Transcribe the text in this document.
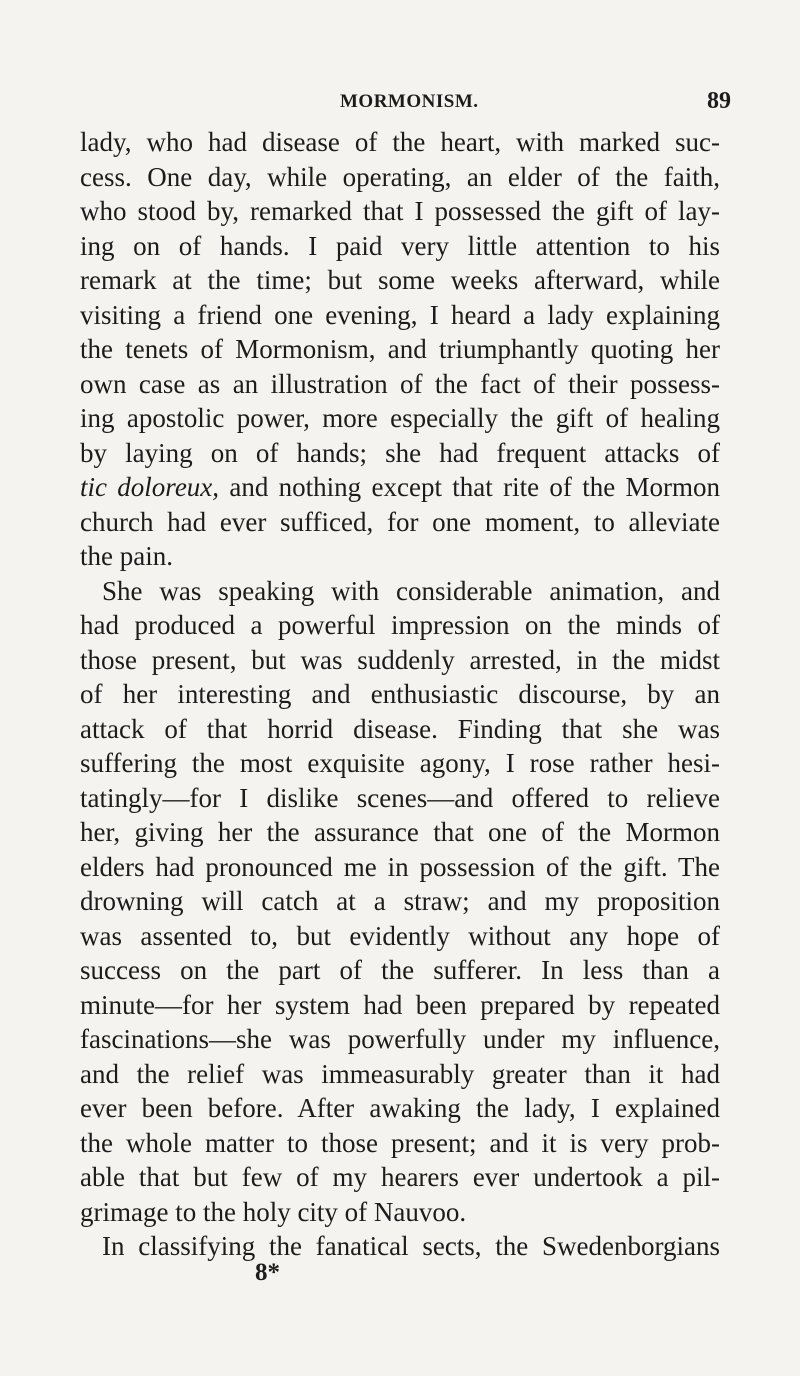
MORMONISM.	89
lady, who had disease of the heart, with marked suc-
cess. One day, while operating, an elder of the faith,
who stood by, remarked that I possessed the gift of lay-
ing on of hands. I paid very little attention to his
remark at the time; but some weeks afterward, while
visiting a friend one evening, I heard a lady explaining
the tenets of Mormonism, and triumphantly quoting her
own case as an illustration of the fact of their possess-
ing apostolic power, more especially the gift of healing
by laying on of hands; she had frequent attacks of
tic doloreux, and nothing except that rite of the Mormon
church had ever sufficed, for one moment, to alleviate
the pain.
She was speaking with considerable animation, and
had produced a powerful impression on the minds of
those present, but was suddenly arrested, in the midst
of her interesting and enthusiastic discourse, by an
attack of that horrid disease. Finding that she was
suffering the most exquisite agony, I rose rather hesi-
tatingly—for I dislike scenes—and offered to relieve
her, giving her the assurance that one of the Mormon
elders had pronounced me in possession of the gift. The
drowning will catch at a straw; and my proposition
was assented to, but evidently without any hope of
success on the part of the sufferer. In less than a
minute—for her system had been prepared by repeated
fascinations—she was powerfully under my influence,
and the relief was immeasurably greater than it had
ever been before. After awaking the lady, I explained
the whole matter to those present; and it is very prob-
able that but few of my hearers ever undertook a pil-
grimage to the holy city of Nauvoo.
In classifying the fanatical sects, the Swedenborgians
8*
